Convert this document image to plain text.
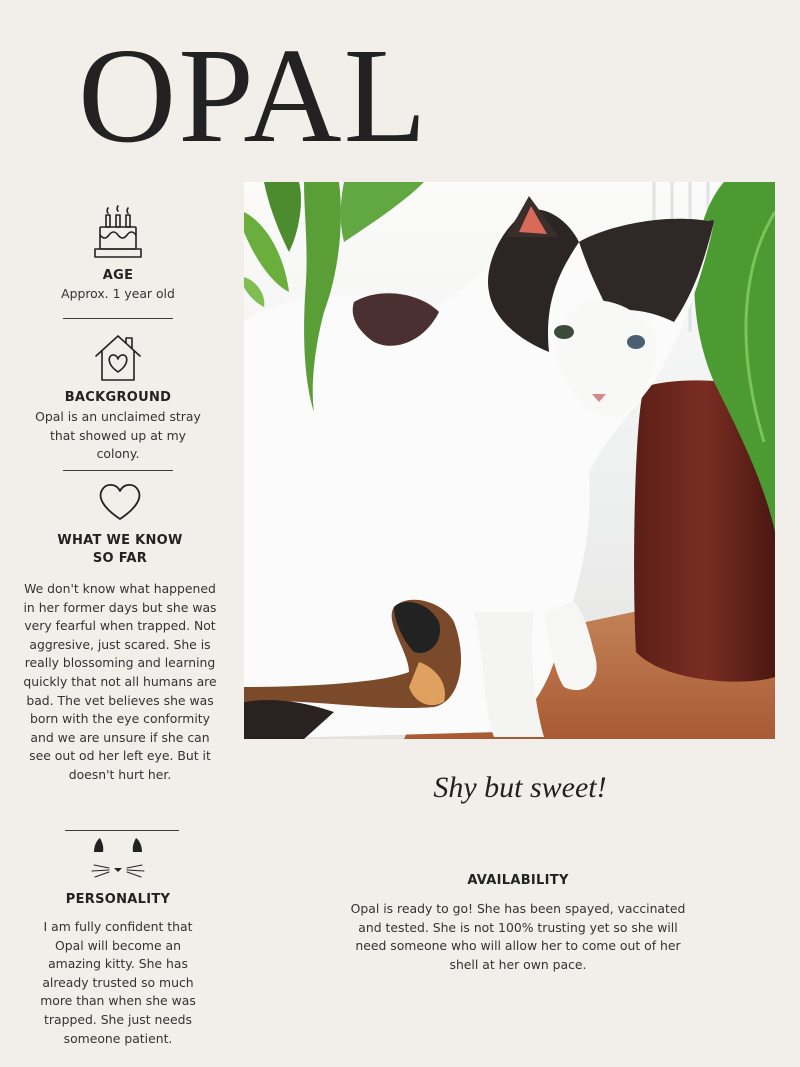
OPAL
AGE
Approx. 1 year old
BACKGROUND
Opal is an unclaimed stray that showed up at my colony.
WHAT WE KNOW
SO FAR
We don't know what happened in her former days but she was very fearful when trapped. Not aggresive, just scared. She is really blossoming and learning quickly that not all humans are bad. The vet believes she was born with the eye conformity and we are unsure if she can see out od her left eye. But it doesn't hurt her.
PERSONALITY
I am fully confident that Opal will become an amazing kitty. She has already trusted so much more than when she was trapped. She just needs someone patient.
Shy but sweet!
AVAILABILITY
Opal is ready to go! She has been spayed, vaccinated and tested. She is not 100% trusting yet so she will need someone who will allow her to come out of her shell at her own pace.
